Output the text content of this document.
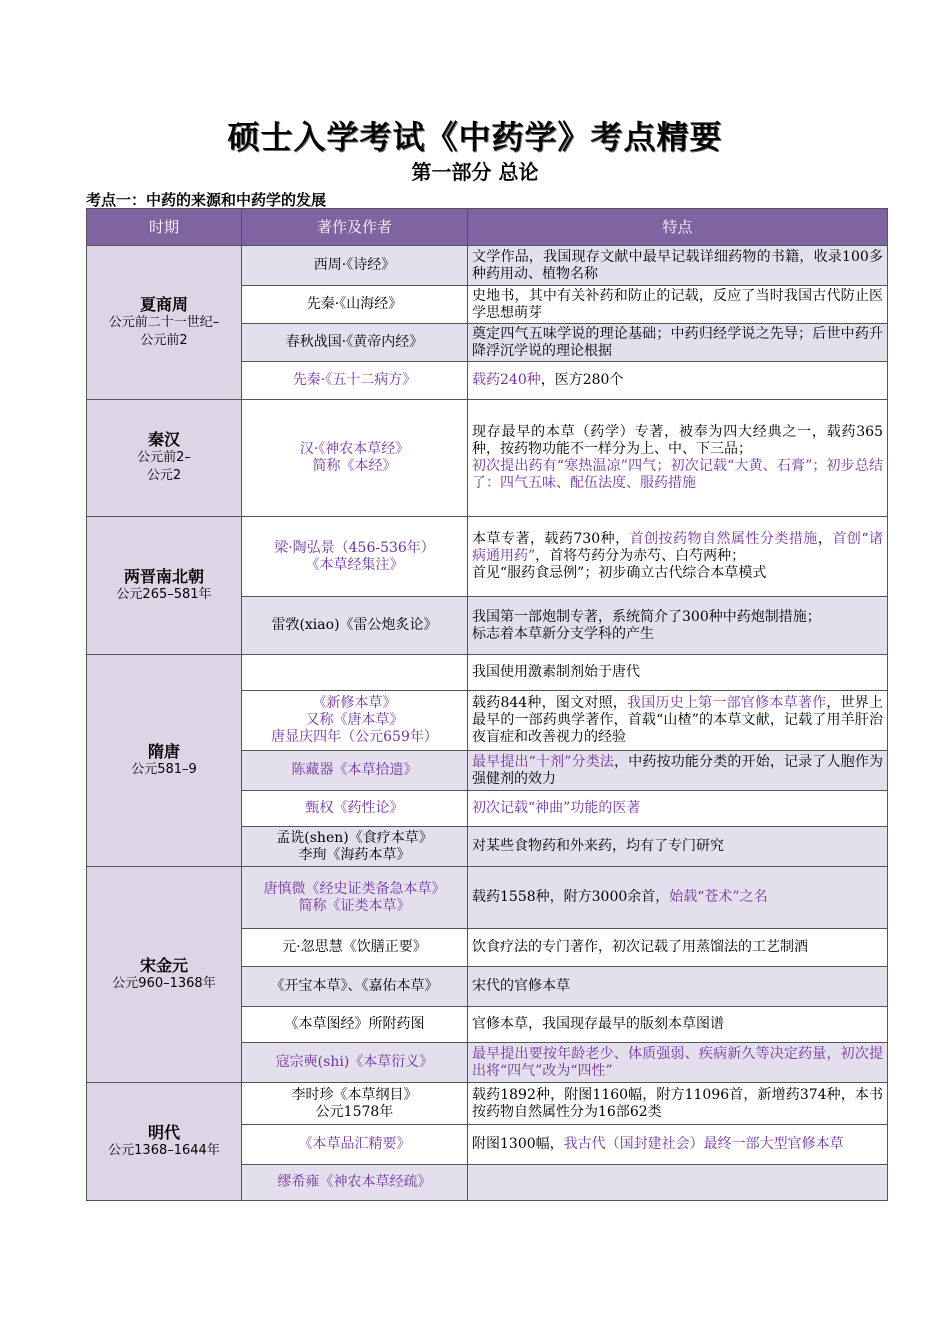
硕士入学考试《中药学》考点精要
第一部分 总论
考点一：中药的来源和中药学的发展
时期	著作及作者	特点

夏商周
公元前二十一世纪–
公元前2	西周·《诗经》	文学作品，我国现存文献中最早记载详细药物的书籍，收录100多种药用动、植物名称
	先秦·《山海经》	史地书，其中有关补药和防止的记载，反应了当时我国古代防止医学思想萌芽
	春秋战国·《黄帝内经》	奠定四气五味学说的理论基础；中药归经学说之先导；后世中药升降浮沉学说的理论根据
	先秦·《五十二病方》	载药240种，医方280个

秦汉
公元前2–
公元2	汉·《神农本草经》
简称《本经》	现存最早的本草（药学）专著，被奉为四大经典之一，载药365种，按药物功能不一样分为上、中、下三品；
初次提出药有“寒热温凉”四气；初次记载“大黄、石膏”；初步总结了：四气五味、配伍法度、服药措施

两晋南北朝
公元265–581年	梁·陶弘景（456-536年）
《本草经集注》	本草专著，载药730种，首创按药物自然属性分类措施，首创“诸病通用药”，首将芍药分为赤芍、白芍两种；
首见“服药食忌例”；初步确立古代综合本草模式
	雷敩(xiao)《雷公炮炙论》	我国第一部炮制专著，系统简介了300种中药炮制措施；
标志着本草新分支学科的产生

隋唐
公元581–9		我国使用激素制剂始于唐代
	《新修本草》
又称《唐本草》
唐显庆四年（公元659年）	载药844种，图文对照，我国历史上第一部官修本草著作，世界上最早的一部药典学著作，首载“山楂”的本草文献，记载了用羊肝治夜盲症和改善视力的经验
	陈藏器《本草拾遗》	最早提出“十剂”分类法，中药按功能分类的开始，记录了人胞作为强健剂的效力
	甄权《药性论》	初次记载“神曲”功能的医著
	孟诜(shen)《食疗本草》
李珣《海药本草》	对某些食物药和外来药，均有了专门研究

宋金元
公元960–1368年	唐慎微《经史证类备急本草》
简称《证类本草》	载药1558种，附方3000余首，始载“苍术”之名
	元·忽思慧《饮膳正要》	饮食疗法的专门著作，初次记载了用蒸馏法的工艺制酒
	《开宝本草》、《嘉佑本草》	宋代的官修本草
	《本草图经》所附药图	官修本草，我国现存最早的版刻本草图谱
	寇宗奭(shi)《本草衍义》	最早提出要按年龄老少、体质强弱、疾病新久等决定药量，初次提出将“四气”改为“四性”

明代
公元1368–1644年	李时珍《本草纲目》
公元1578年	载药1892种，附图1160幅，附方11096首，新增药374种，本书按药物自然属性分为16部62类
	《本草品汇精要》	附图1300幅，我古代（国封建社会）最终一部大型官修本草
	缪希雍《神农本草经疏》	
